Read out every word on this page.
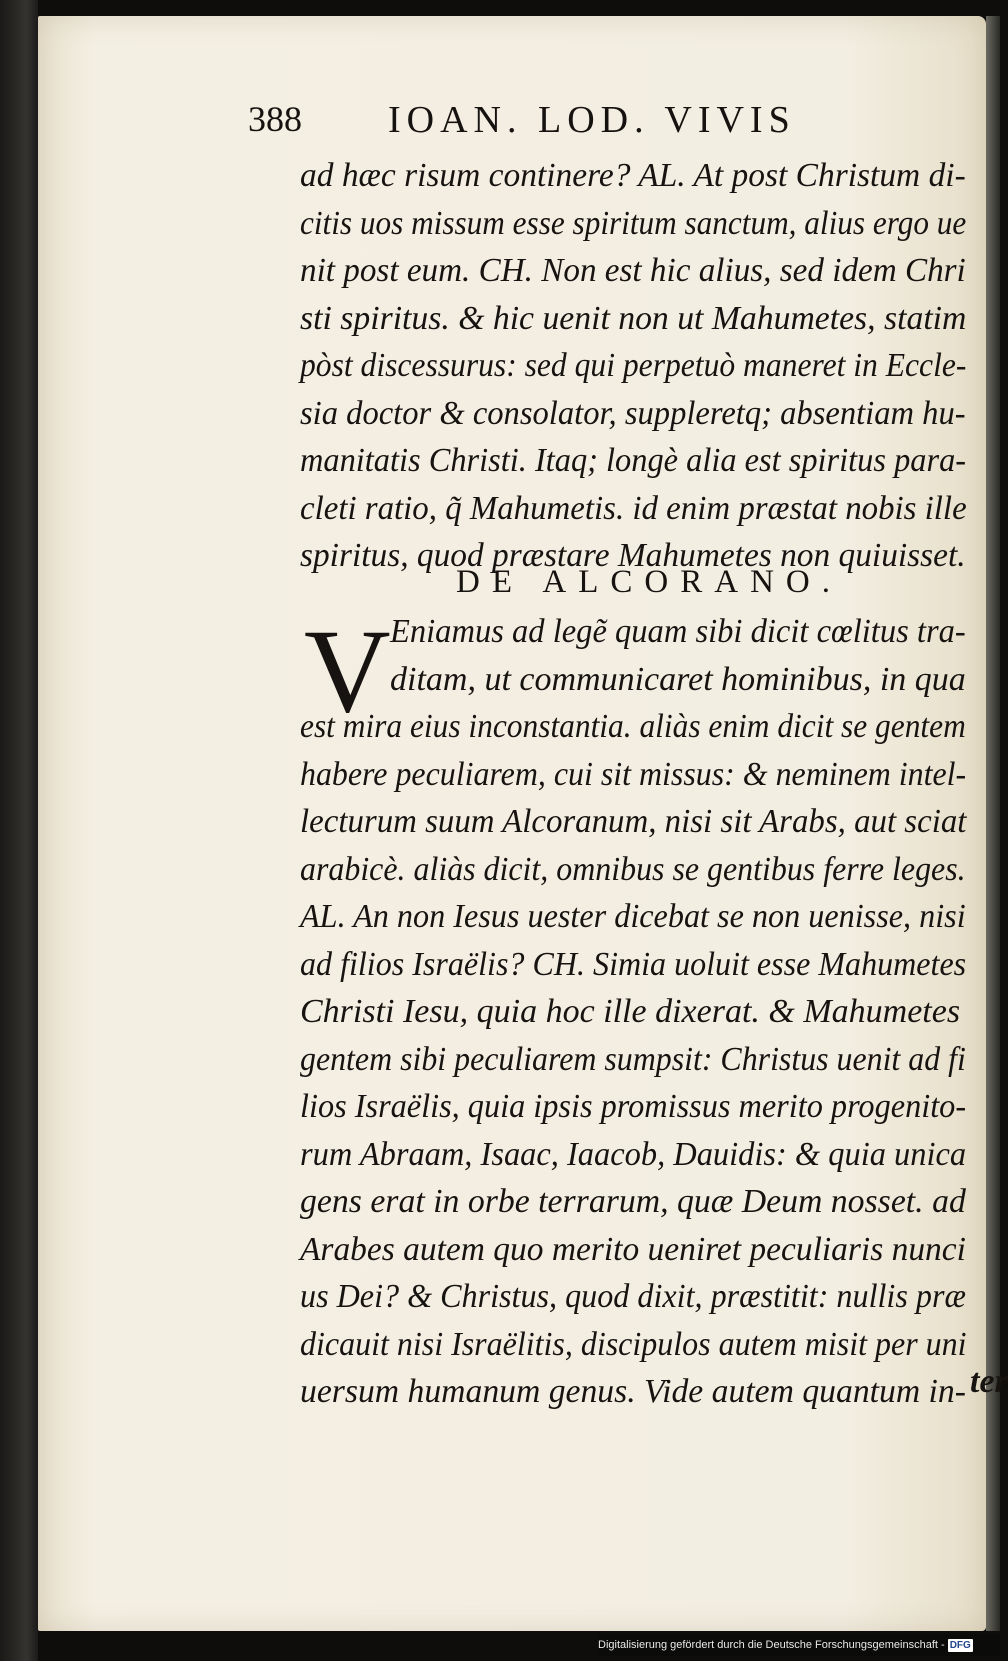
388 IOAN. LOD. VIVIS
ad hæc risum continere? AL. At post Christum di‑
citis uos missum esse spiritum sanctum, alius ergo ue
nit post eum. CH. Non est hic alius, sed idem Chri
sti spiritus. & hic uenit non ut Mahumetes, statim
pòst discessurus: sed qui perpetuò maneret in Eccle‑
sia doctor & consolator, suppleretq; absentiam hu‑
manitatis Christi. Itaq; longè alia est spiritus para‑
cleti ratio, q̃ Mahumetis. id enim præstat nobis ille
spiritus, quod præstare Mahumetes non quiuisset.
DE ALCORANO.
V Eniamus ad legẽ quam sibi dicit cœlitus tra‑
ditam, ut communicaret hominibus, in qua
est mira eius inconstantia. aliàs enim dicit se gentem
habere peculiarem, cui sit missus: & neminem intel‑
lecturum suum Alcoranum, nisi sit Arabs, aut sciat
arabicè. aliàs dicit, omnibus se gentibus ferre leges.
AL. An non Iesus uester dicebat se non uenisse, nisi
ad filios Israëlis? CH. Simia uoluit esse Mahumetes
Christi Iesu, quia hoc ille dixerat. & Mahumetes
gentem sibi peculiarem sumpsit: Christus uenit ad fi
lios Israëlis, quia ipsis promissus merito progenito‑
rum Abraam, Isaac, Iaacob, Dauidis: & quia unica
gens erat in orbe terrarum, quæ Deum nosset. ad
Arabes autem quo merito ueniret peculiaris nunci
us Dei? & Christus, quod dixit, præstitit: nullis præ
dicauit nisi Israëlitis, discipulos autem misit per uni
uersum humanum genus. Vide autem quantum in‑ ter
Digitalisierung gefördert durch die Deutsche Forschungsgemeinschaft - DFG
